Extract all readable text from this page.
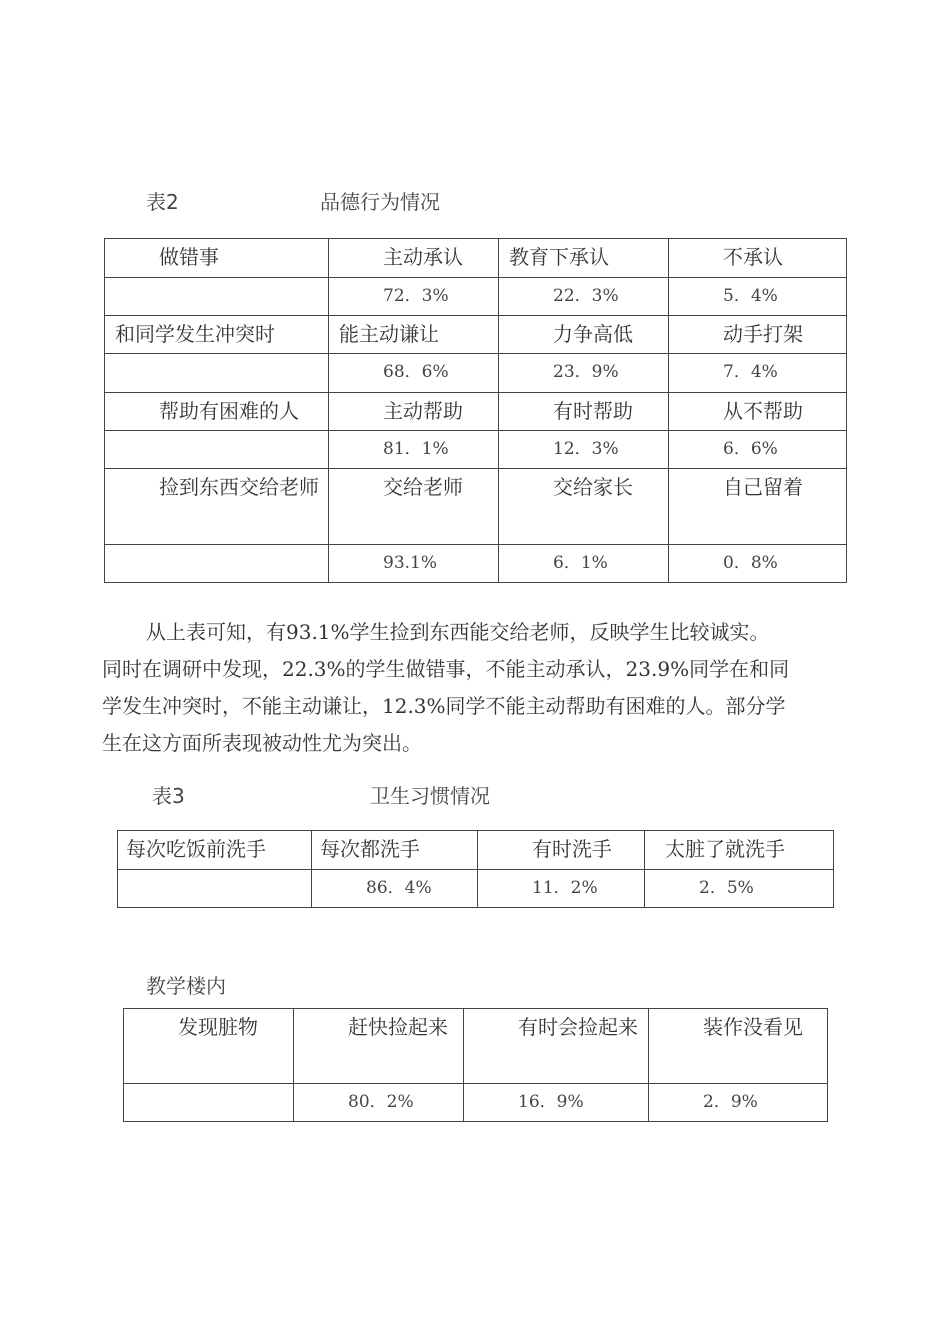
表2	品德行为情况
做错事	主动承认	教育下承认	不承认
	72．3%	22．3%	5．4%
和同学发生冲突时	能主动谦让	力争高低	动手打架
	68．6%	23．9%	7．4%
帮助有困难的人	主动帮助	有时帮助	从不帮助
	81．1%	12．3%	6．6%
捡到东西交给老师	交给老师	交给家长	自己留着
	93.1%	6．1%	0．8%
从上表可知，有93.1%学生捡到东西能交给老师，反映学生比较诚实。
同时在调研中发现，22.3%的学生做错事，不能主动承认，23.9%同学在和同
学发生冲突时，不能主动谦让，12.3%同学不能主动帮助有困难的人。部分学
生在这方面所表现被动性尤为突出。
表3	卫生习惯情况
每次吃饭前洗手	每次都洗手	有时洗手	太脏了就洗手
	86．4%	11．2%	2．5%
教学楼内
发现脏物	赶快捡起来	有时会捡起来	装作没看见
	80．2%	16．9%	2．9%
